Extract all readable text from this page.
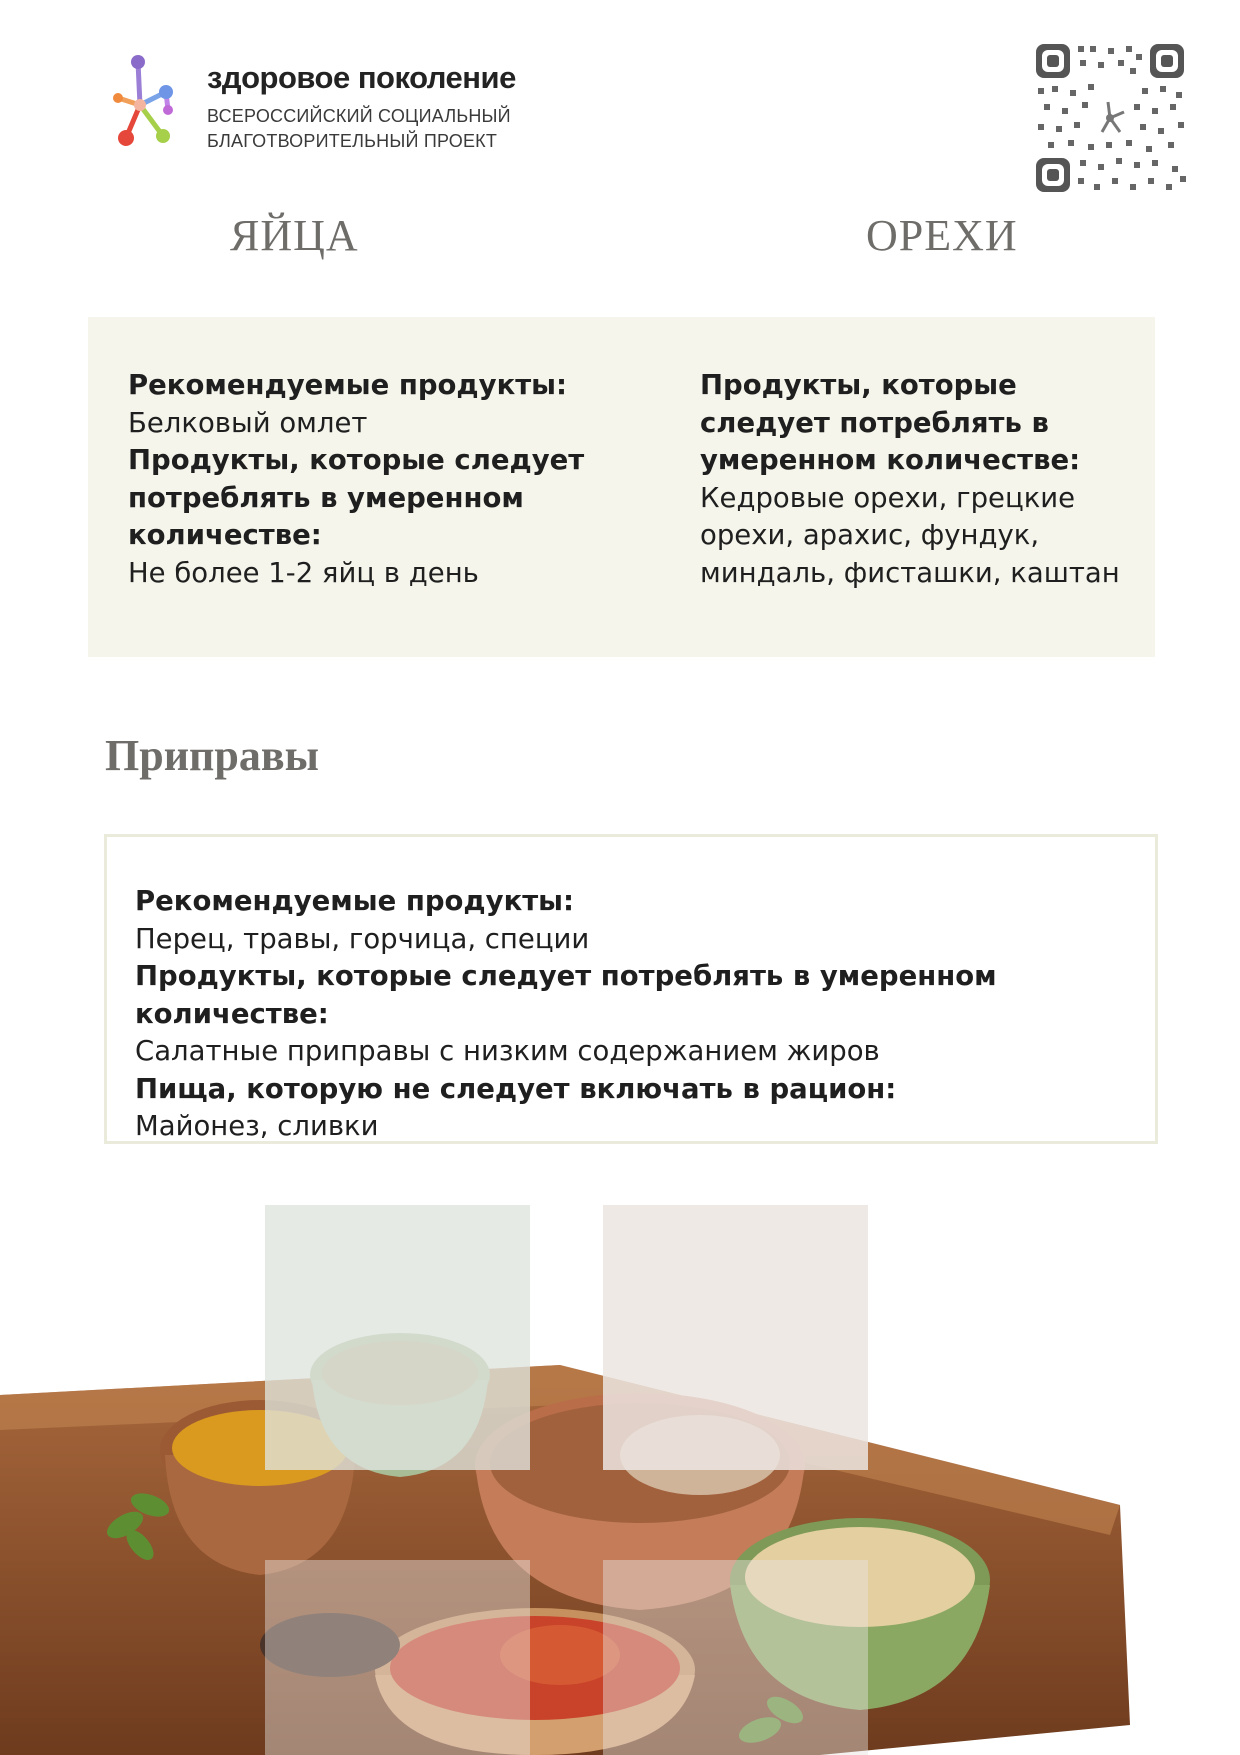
здоровое поколение
ВСЕРОССИЙСКИЙ СОЦИАЛЬНЫЙ
БЛАГОТВОРИТЕЛЬНЫЙ ПРОЕКТ
ЯЙЦА	ОРЕХИ
Рекомендуемые продукты:
Белковый омлет
Продукты, которые следует потреблять в умеренном количестве:
Не более 1-2 яйц в день
Продукты, которые следует потреблять в умеренном количестве:
Кедровые орехи, грецкие орехи, арахис, фундук, миндаль, фисташки, каштан
Приправы
Рекомендуемые продукты:
Перец, травы, горчица, специи
Продукты, которые следует потреблять в умеренном количестве:
Салатные приправы с низким содержанием жиров
Пища, которую не следует включать в рацион:
Майонез, сливки
